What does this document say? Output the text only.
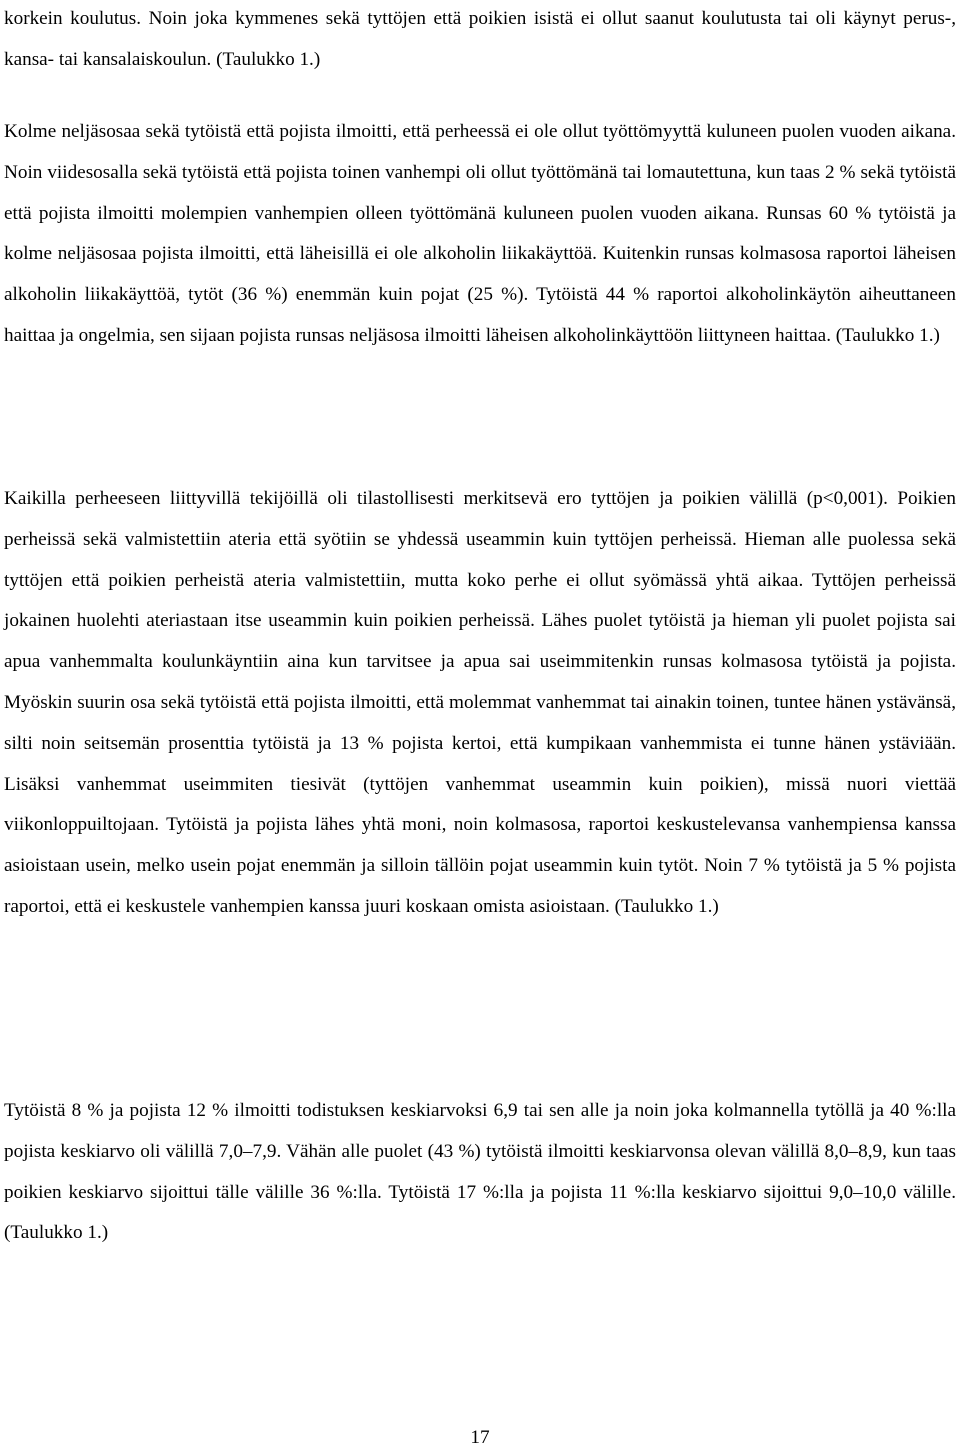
korkein koulutus. Noin joka kymmenes sekä tyttöjen että poikien isistä ei ollut saanut koulutusta tai oli käynyt perus-, kansa- tai kansalaiskoulun. (Taulukko 1.)

Kolme neljäsosaa sekä tytöistä että pojista ilmoitti, että perheessä ei ole ollut työttömyyttä kuluneen puolen vuoden aikana. Noin viidesosalla sekä tytöistä että pojista toinen vanhempi oli ollut työttömänä tai lomautettuna, kun taas 2 % sekä tytöistä että pojista ilmoitti molempien vanhempien olleen työttömänä kuluneen puolen vuoden aikana. Runsas 60 % tytöistä ja kolme neljäsosaa pojista ilmoitti, että läheisillä ei ole alkoholin liikakäyttöä. Kuitenkin runsas kolmasosa raportoi läheisen alkoholin liikakäyttöä, tytöt (36 %) enemmän kuin pojat (25 %). Tytöistä 44 % raportoi alkoholinkäytön aiheuttaneen haittaa ja ongelmia, sen sijaan pojista runsas neljäsosa ilmoitti läheisen alkoholinkäyttöön liittyneen haittaa. (Taulukko 1.)

Kaikilla perheeseen liittyvillä tekijöillä oli tilastollisesti merkitsevä ero tyttöjen ja poikien välillä (p<0,001). Poikien perheissä sekä valmistettiin ateria että syötiin se yhdessä useammin kuin tyttöjen perheissä. Hieman alle puolessa sekä tyttöjen että poikien perheistä ateria valmistettiin, mutta koko perhe ei ollut syömässä yhtä aikaa. Tyttöjen perheissä jokainen huolehti ateriastaan itse useammin kuin poikien perheissä. Lähes puolet tytöistä ja hieman yli puolet pojista sai apua vanhemmalta koulunkäyntiin aina kun tarvitsee ja apua sai useimmitenkin runsas kolmasosa tytöistä ja pojista. Myöskin suurin osa sekä tytöistä että pojista ilmoitti, että molemmat vanhemmat tai ainakin toinen, tuntee hänen ystävänsä, silti noin seitsemän prosenttia tytöistä ja 13 % pojista kertoi, että kumpikaan vanhemmista ei tunne hänen ystäviään. Lisäksi vanhemmat useimmiten tiesivät (tyttöjen vanhemmat useammin kuin poikien), missä nuori viettää viikonloppuiltojaan. Tytöistä ja pojista lähes yhtä moni, noin kolmasosa, raportoi keskustelevansa vanhempiensa kanssa asioistaan usein, melko usein pojat enemmän ja silloin tällöin pojat useammin kuin tytöt. Noin 7 % tytöistä ja 5 % pojista raportoi, että ei keskustele vanhempien kanssa juuri koskaan omista asioistaan. (Taulukko 1.)

Tytöistä 8 % ja pojista 12 % ilmoitti todistuksen keskiarvoksi 6,9 tai sen alle ja noin joka kolmannella tytöllä ja 40 %:lla pojista keskiarvo oli välillä 7,0–7,9. Vähän alle puolet (43 %) tytöistä ilmoitti keskiarvonsa olevan välillä 8,0–8,9, kun taas poikien keskiarvo sijoittui tälle välille 36 %:lla. Tytöistä 17 %:lla ja pojista 11 %:lla keskiarvo sijoittui 9,0–10,0 välille. (Taulukko 1.)

17
